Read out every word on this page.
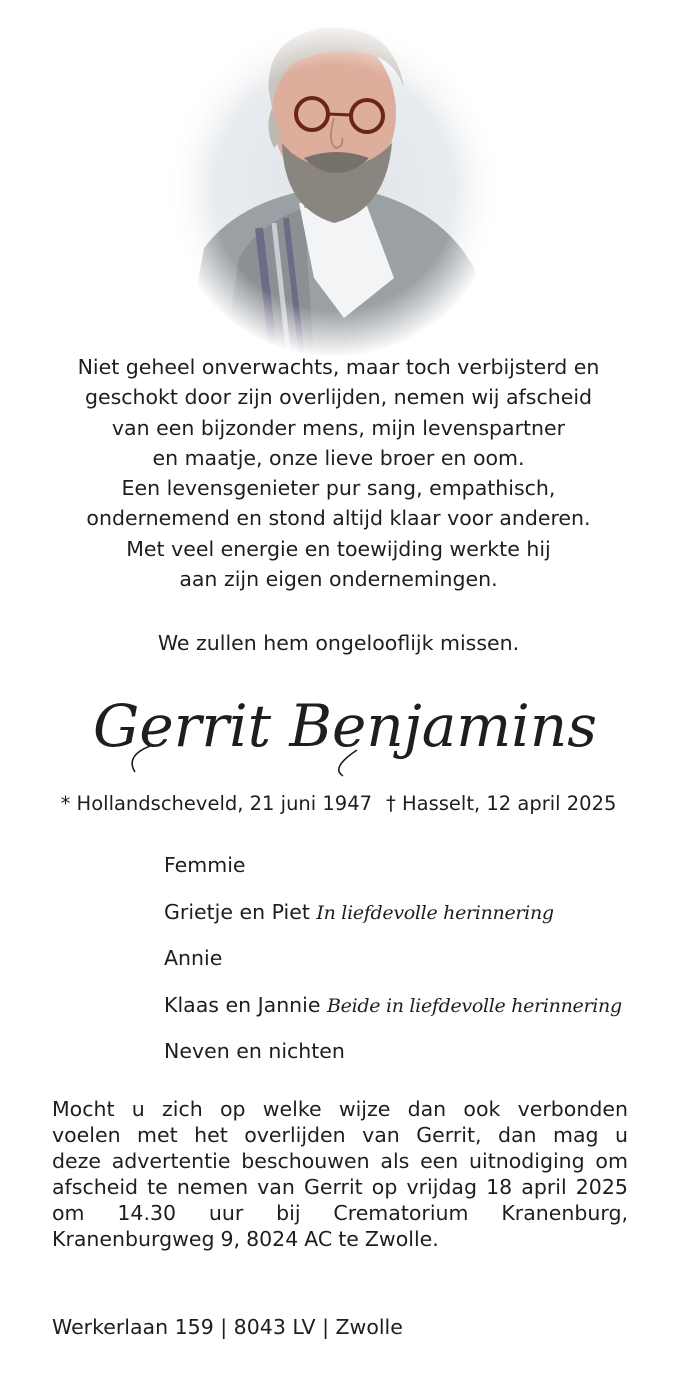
Niet geheel onverwachts, maar toch verbijsterd en
geschokt door zijn overlijden, nemen wij afscheid
van een bijzonder mens, mijn levenspartner
en maatje, onze lieve broer en oom.
Een levensgenieter pur sang, empathisch,
ondernemend en stond altijd klaar voor anderen.
Met veel energie en toewijding werkte hij
aan zijn eigen ondernemingen.
We zullen hem ongelooflijk missen.
Gerrit Benjamins
* Hollandscheveld, 21 juni 1947 † Hasselt, 12 april 2025
Femmie
Grietje en Piet In liefdevolle herinnering
Annie
Klaas en Jannie Beide in liefdevolle herinnering
Neven en nichten
Mocht u zich op welke wijze dan ook verbonden
voelen met het overlijden van Gerrit, dan mag u
deze advertentie beschouwen als een uitnodiging om
afscheid te nemen van Gerrit op vrijdag 18 april 2025
om 14.30 uur bij Crematorium Kranenburg,
Kranenburgweg 9, 8024 AC te Zwolle.
Werkerlaan 159 | 8043 LV | Zwolle
